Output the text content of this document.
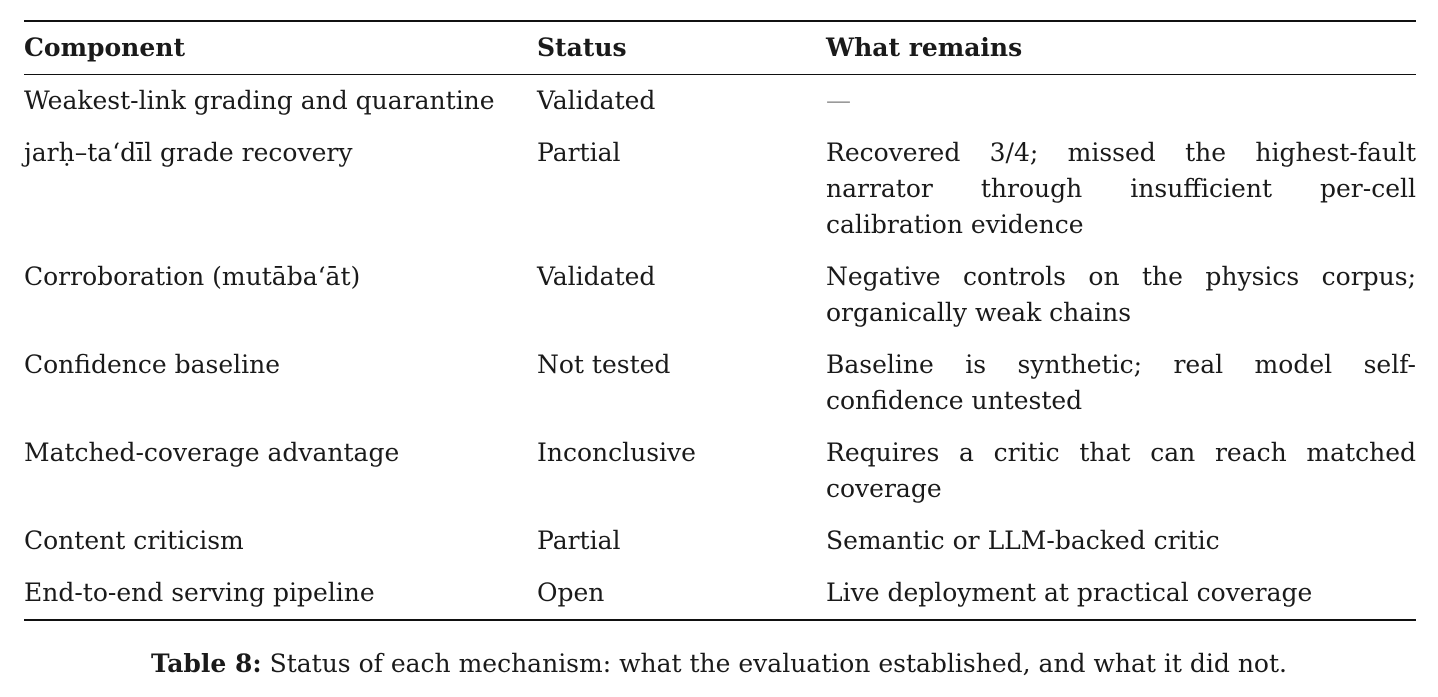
Component	Status	What remains
Weakest-link grading and quarantine	Validated	—
jarḥ–ta‘dīl grade recovery	Partial	Recovered 3/4; missed the highest-fault narrator through insufficient per-cell calibration evidence
Corroboration (mutāba‘āt)	Validated	Negative controls on the physics corpus; organically weak chains
Confidence baseline	Not tested	Baseline is synthetic; real model self-confidence untested
Matched-coverage advantage	Inconclusive	Requires a critic that can reach matched coverage
Content criticism	Partial	Semantic or LLM-backed critic
End-to-end serving pipeline	Open	Live deployment at practical coverage
Table 8: Status of each mechanism: what the evaluation established, and what it did not.
